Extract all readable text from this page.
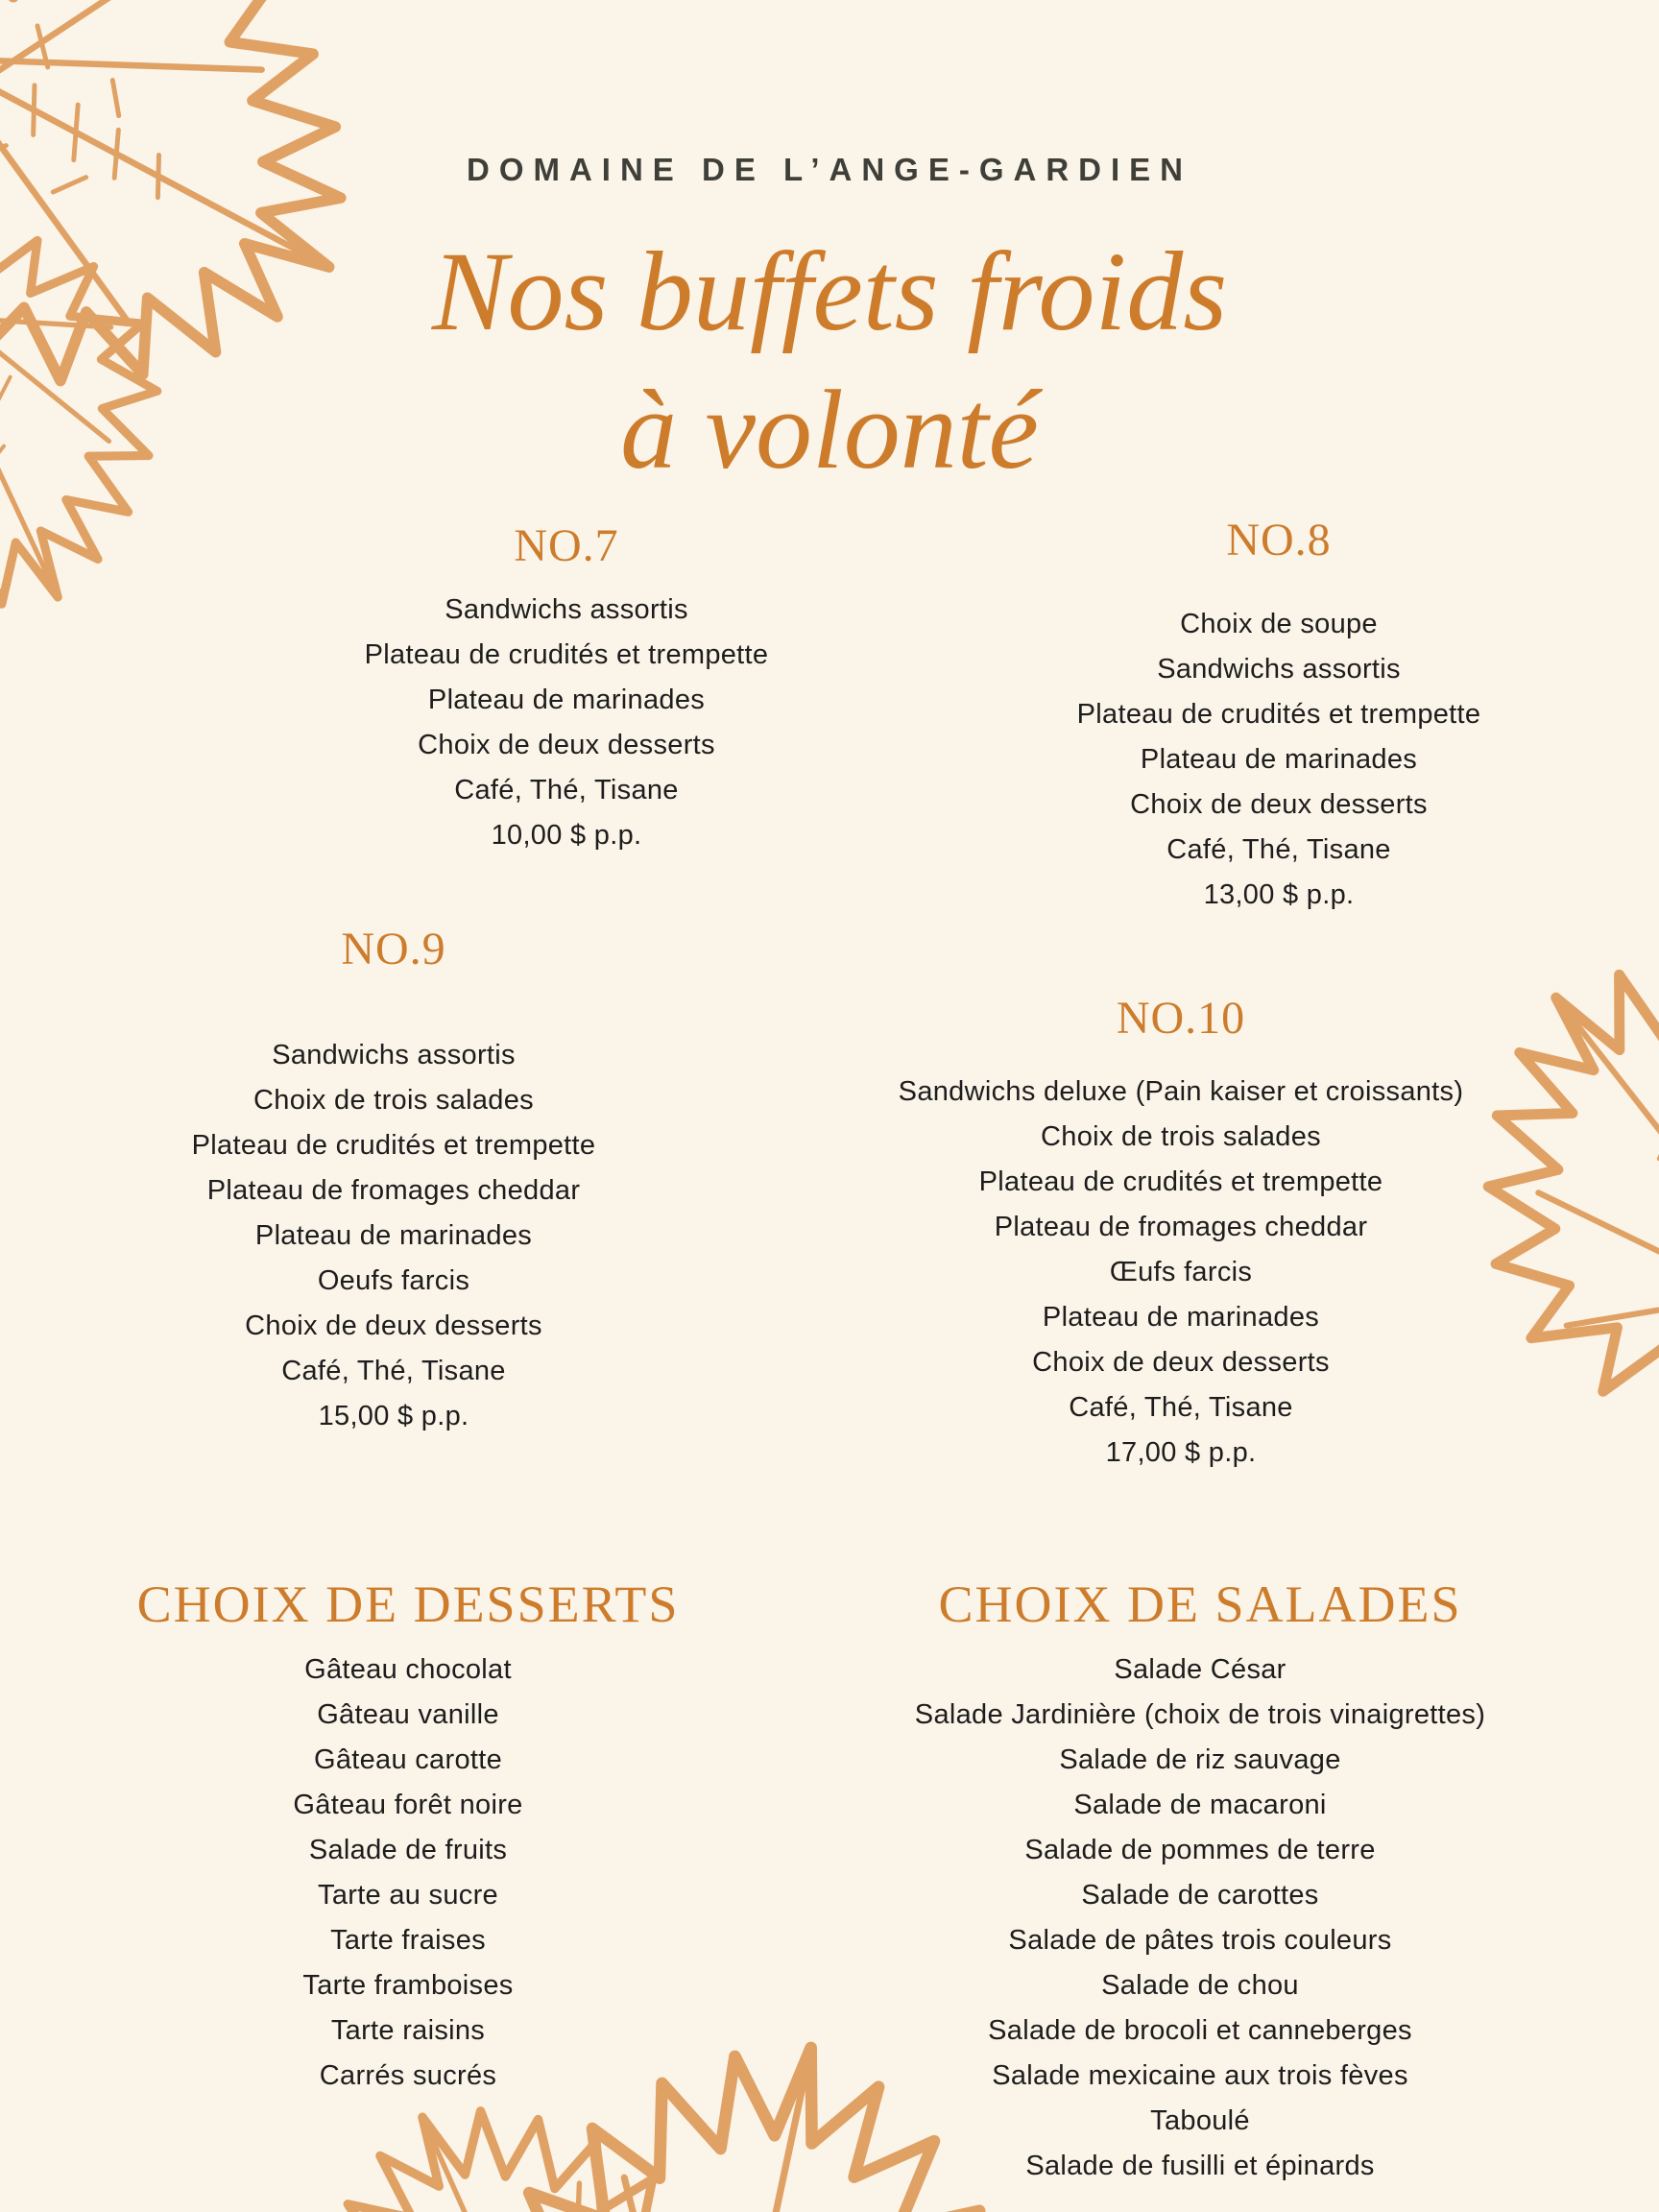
DOMAINE DE L’ANGE-GARDIEN
Nos buffets froids
à volonté
NO.7
Sandwichs assortis
Plateau de crudités et trempette
Plateau de marinades
Choix de deux desserts
Café, Thé, Tisane
10,00 $ p.p.
NO.8
Choix de soupe
Sandwichs assortis
Plateau de crudités et trempette
Plateau de marinades
Choix de deux desserts
Café, Thé, Tisane
13,00 $ p.p.
NO.9
Sandwichs assortis
Choix de trois salades
Plateau de crudités et trempette
Plateau de fromages cheddar
Plateau de marinades
Oeufs farcis
Choix de deux desserts
Café, Thé, Tisane
15,00 $ p.p.
NO.10
Sandwichs deluxe (Pain kaiser et croissants)
Choix de trois salades
Plateau de crudités et trempette
Plateau de fromages cheddar
Œufs farcis
Plateau de marinades
Choix de deux desserts
Café, Thé, Tisane
17,00 $ p.p.
CHOIX DE DESSERTS
Gâteau chocolat
Gâteau vanille
Gâteau carotte
Gâteau forêt noire
Salade de fruits
Tarte au sucre
Tarte fraises
Tarte framboises
Tarte raisins
Carrés sucrés
CHOIX DE SALADES
Salade César
Salade Jardinière (choix de trois vinaigrettes)
Salade de riz sauvage
Salade de macaroni
Salade de pommes de terre
Salade de carottes
Salade de pâtes trois couleurs
Salade de chou
Salade de brocoli et canneberges
Salade mexicaine aux trois fèves
Taboulé
Salade de fusilli et épinards
